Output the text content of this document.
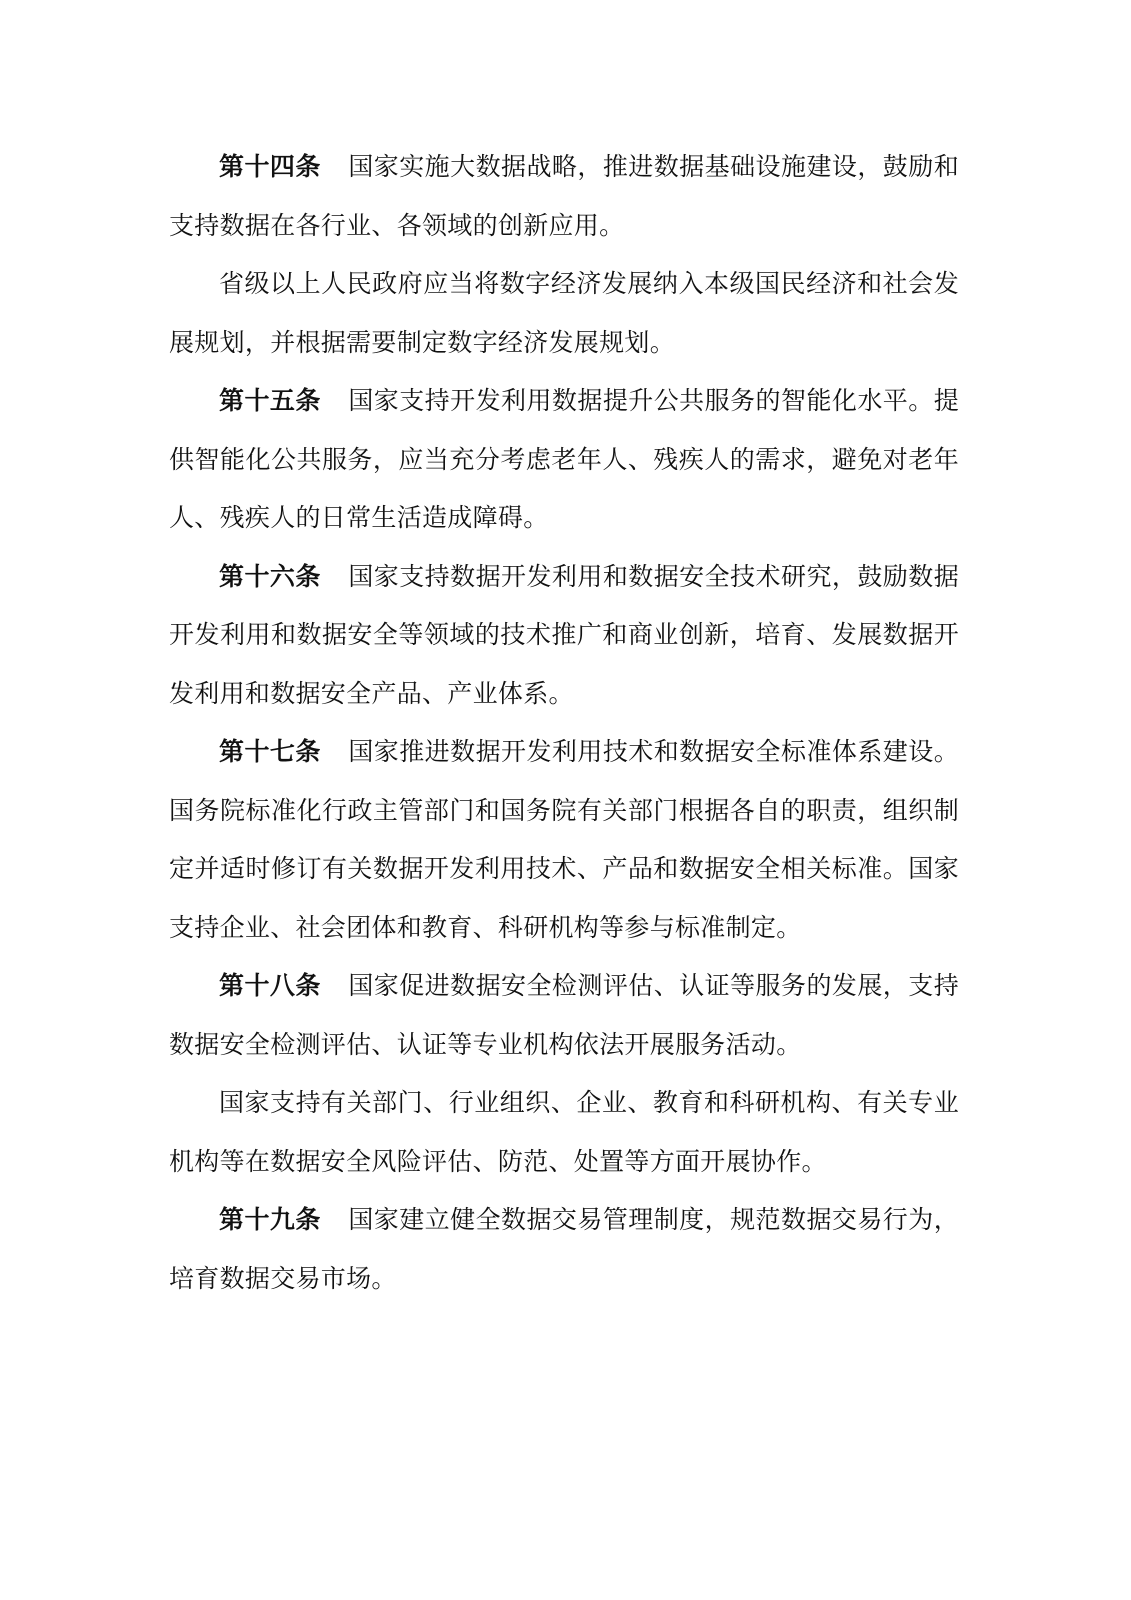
第十四条 国家实施大数据战略，推进数据基础设施建设，鼓励和支持数据在各行业、各领域的创新应用。

省级以上人民政府应当将数字经济发展纳入本级国民经济和社会发展规划，并根据需要制定数字经济发展规划。

第十五条 国家支持开发利用数据提升公共服务的智能化水平。提供智能化公共服务，应当充分考虑老年人、残疾人的需求，避免对老年人、残疾人的日常生活造成障碍。

第十六条 国家支持数据开发利用和数据安全技术研究，鼓励数据开发利用和数据安全等领域的技术推广和商业创新，培育、发展数据开发利用和数据安全产品、产业体系。

第十七条 国家推进数据开发利用技术和数据安全标准体系建设。国务院标准化行政主管部门和国务院有关部门根据各自的职责，组织制定并适时修订有关数据开发利用技术、产品和数据安全相关标准。国家支持企业、社会团体和教育、科研机构等参与标准制定。

第十八条 国家促进数据安全检测评估、认证等服务的发展，支持数据安全检测评估、认证等专业机构依法开展服务活动。

国家支持有关部门、行业组织、企业、教育和科研机构、有关专业机构等在数据安全风险评估、防范、处置等方面开展协作。

第十九条 国家建立健全数据交易管理制度，规范数据交易行为，培育数据交易市场。
